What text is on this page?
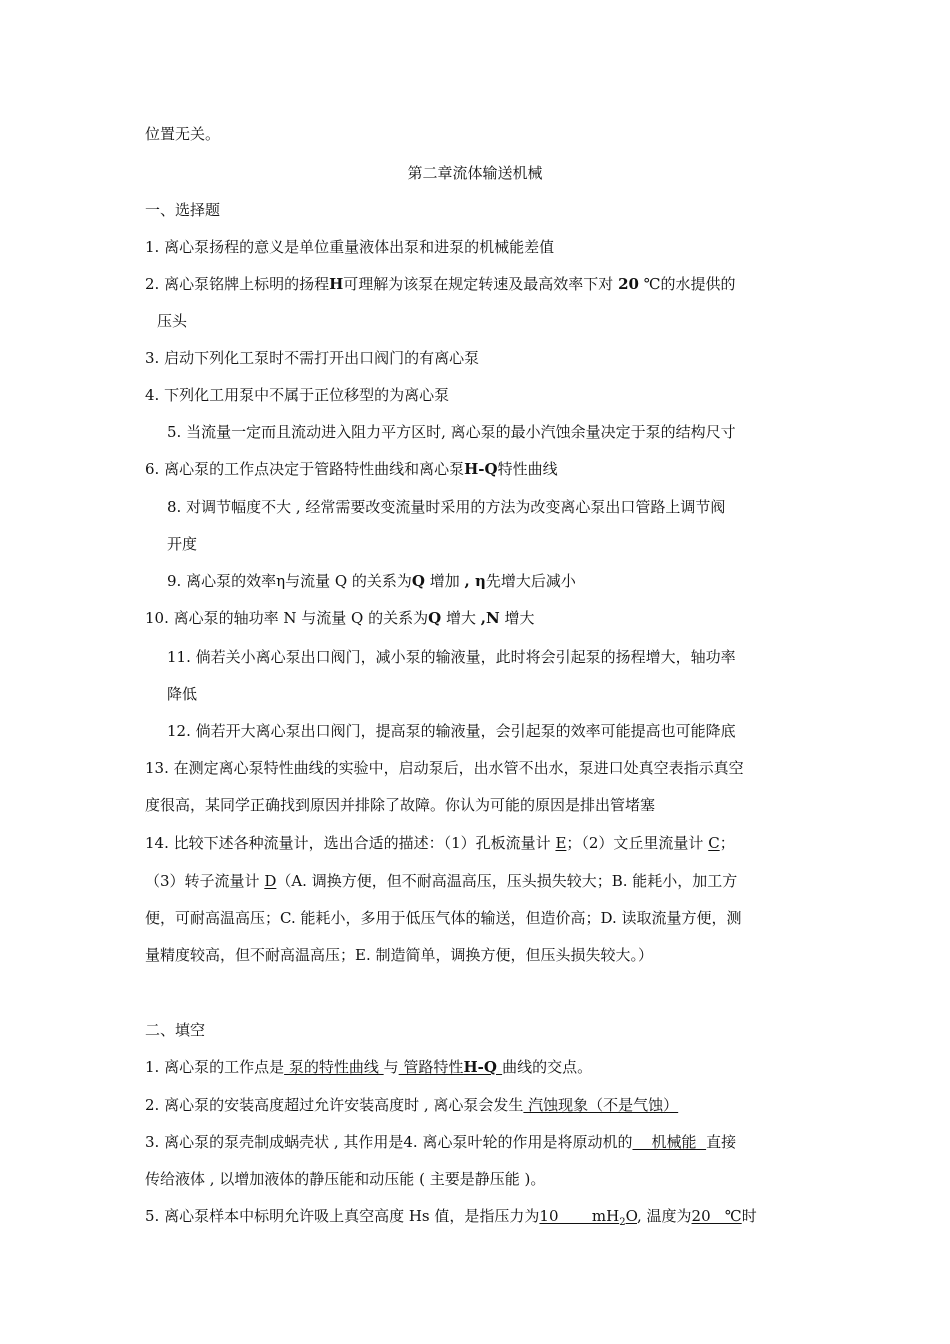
位置无关。
第二章流体输送机械
一、选择题
1. 离心泵扬程的意义是单位重量液体出泵和进泵的机械能差值
2. 离心泵铭牌上标明的扬程H可理解为该泵在规定转速及最高效率下对 20 ℃的水提供的
压头
3. 启动下列化工泵时不需打开出口阀门的有离心泵
4. 下列化工用泵中不属于正位移型的为离心泵
5. 当流量一定而且流动进入阻力平方区时, 离心泵的最小汽蚀余量决定于泵的结构尺寸
6. 离心泵的工作点决定于管路特性曲线和离心泵H-Q特性曲线
8. 对调节幅度不大 , 经常需要改变流量时采用的方法为改变离心泵出口管路上调节阀
开度
9. 离心泵的效率η与流量 Q 的关系为Q 增加 , η先增大后减小
10. 离心泵的轴功率 N 与流量 Q 的关系为Q 增大 ,N 增大
11. 倘若关小离心泵出口阀门，减小泵的输液量，此时将会引起泵的扬程增大，轴功率
降低
12. 倘若开大离心泵出口阀门，提高泵的输液量，会引起泵的效率可能提高也可能降底
13. 在测定离心泵特性曲线的实验中，启动泵后，出水管不出水，泵进口处真空表指示真空
度很高，某同学正确找到原因并排除了故障。你认为可能的原因是排出管堵塞
14. 比较下述各种流量计，选出合适的描述：（1）孔板流量计 E；（2）文丘里流量计 C；
（3）转子流量计 D（A. 调换方便，但不耐高温高压，压头损失较大；B. 能耗小，加工方
便，可耐高温高压；C. 能耗小，多用于低压气体的输送，但造价高；D. 读取流量方便，测
量精度较高，但不耐高温高压；E. 制造简单，调换方便，但压头损失较大。）
二、填空
1. 离心泵的工作点是 泵的特性曲线 与 管路特性H-Q 曲线的交点。
2. 离心泵的安装高度超过允许安装高度时 , 离心泵会发生 汽蚀现象（不是气蚀）
3. 离心泵的泵壳制成蜗壳状 , 其作用是4. 离心泵叶轮的作用是将原动机的    机械能  直接
传给液体 , 以增加液体的静压能和动压能 ( 主要是静压能 )。
5. 离心泵样本中标明允许吸上真空高度 Hs 值，是指压力为10       $mH_2O$, 温度为20   ℃时
